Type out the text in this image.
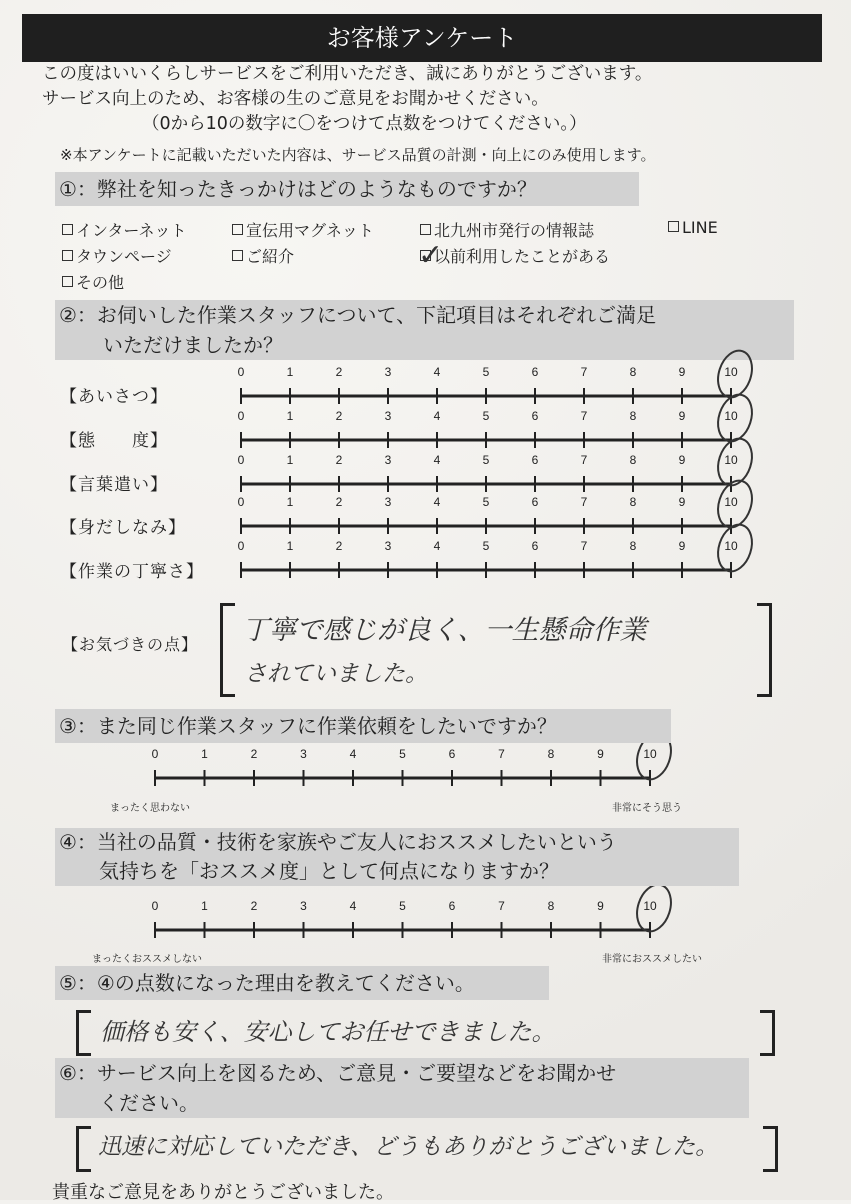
お客様アンケート
この度はいいくらしサービスをご利用いただき、誠にありがとうございます。
サービス向上のため、お客様の生のご意見をお聞かせください。
（0から10の数字に〇をつけて点数をつけてください。）
※本アンケートに記載いただいた内容は、サービス品質の計測・向上にのみ使用します。
①：弊社を知ったきっかけはどのようなものですか？
インターネット	宣伝用マグネット	北九州市発行の情報誌	LINE
タウンページ	ご紹介	以前利用したことがある
✓
その他
②：お伺いした作業スタッフについて、下記項目はそれぞれご満足
いただけましたか？
【あいさつ】
【態　　度】
【言葉遣い】
【身だしなみ】
【作業の丁寧さ】
0	1	2	3	4	5	6	7	8	9	10
0	1	2	3	4	5	6	7	8	9	10
0	1	2	3	4	5	6	7	8	9	10
0	1	2	3	4	5	6	7	8	9	10
0	1	2	3	4	5	6	7	8	9	10
0	1	2	3	4	5	6	7	8	9	10
0	1	2	3	4	5	6	7	8	9	10
【お気づきの点】 丁寧で感じが良く、一生懸命作業
されていました。
③：また同じ作業スタッフに作業依頼をしたいですか？
まったく思わない	非常にそう思う
④：当社の品質・技術を家族やご友人におススメしたいという
気持ちを「おススメ度」として何点になりますか？
まったくおススメしない	非常におススメしたい
⑤：④の点数になった理由を教えてください。
価格も安く、安心してお任せできました。
⑥：サービス向上を図るため、ご意見・ご要望などをお聞かせ
ください。
迅速に対応していただき、どうもありがとうございました。
貴重なご意見をありがとうございました。
